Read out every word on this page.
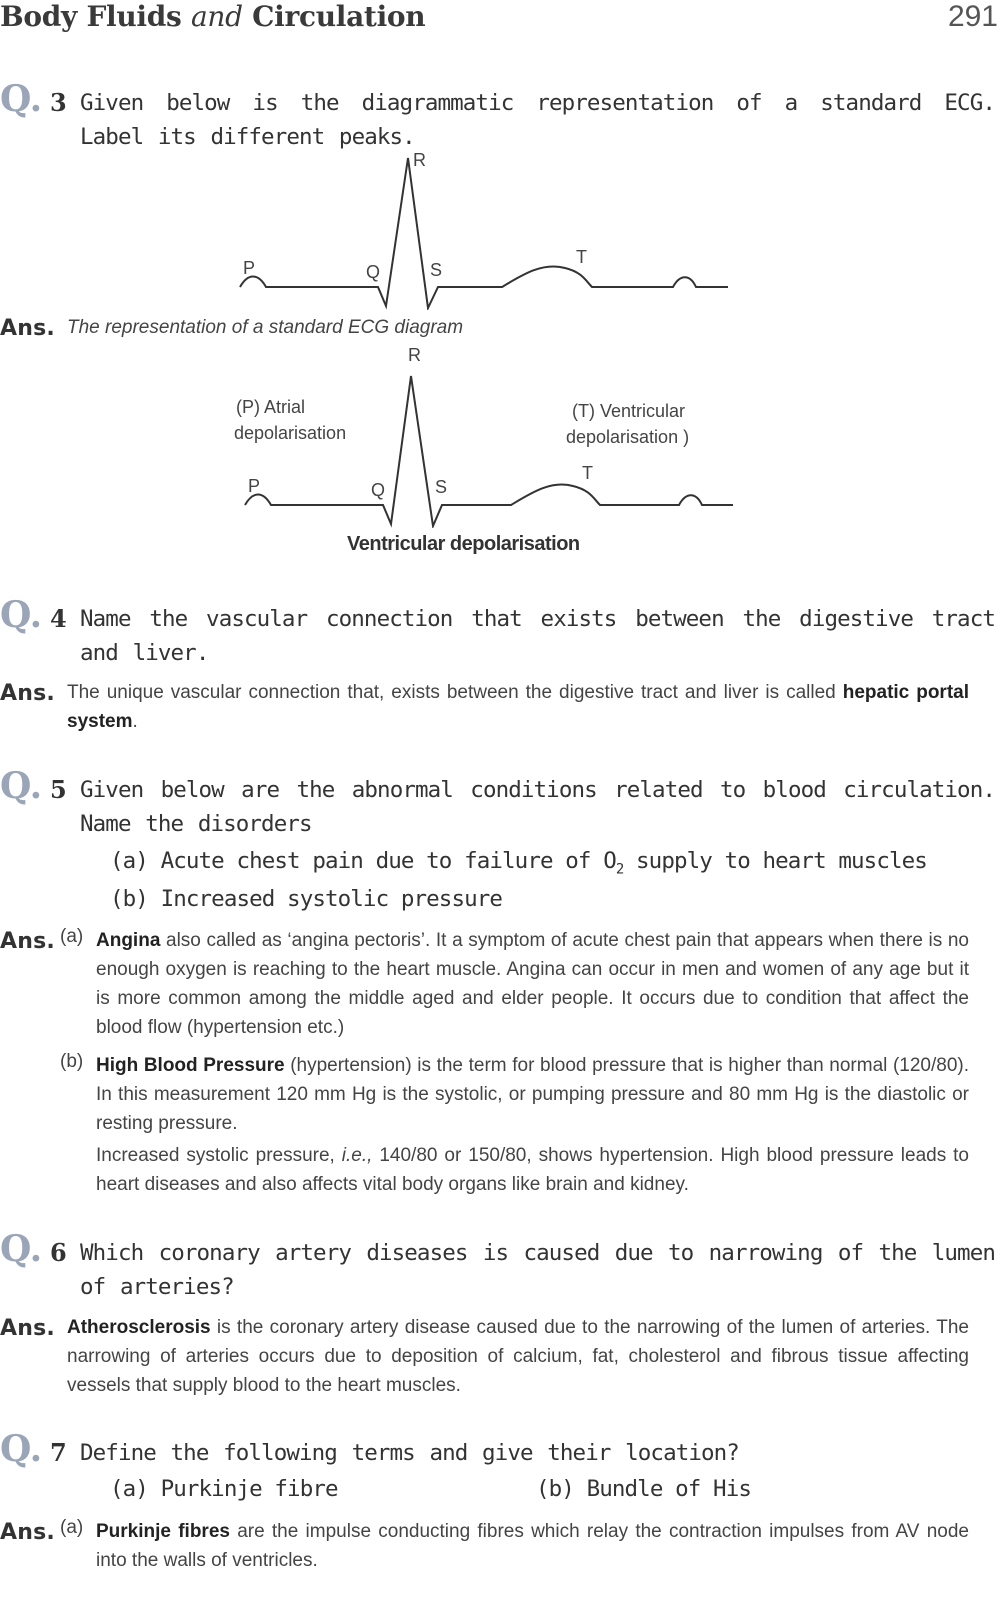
Body Fluids and Circulation	291
Q. 3 Given below is the diagrammatic representation of a standard ECG. Label its different peaks.
R
P	Q	S
T
Ans. The representation of a standard ECG diagram
R
(P) Atrial
depolarisation
(T) Ventricular
depolarisation )
P	Q	S
T
Ventricular depolarisation
Q. 4 Name the vascular connection that exists between the digestive tract and liver.
Ans. The unique vascular connection that, exists between the digestive tract and liver is called hepatic portal system.
Q. 5 Given below are the abnormal conditions related to blood circulation. Name the disorders
(a) Acute chest pain due to failure of $O_2$ supply to heart muscles
(b) Increased systolic pressure
Ans. (a) Angina also called as ‘angina pectoris’. It a symptom of acute chest pain that appears when there is no enough oxygen is reaching to the heart muscle. Angina can occur in men and women of any age but it is more common among the middle aged and elder people. It occurs due to condition that affect the blood flow (hypertension etc.)
(b) High Blood Pressure (hypertension) is the term for blood pressure that is higher than normal (120/80). In this measurement 120 mm Hg is the systolic, or pumping pressure and 80 mm Hg is the diastolic or resting pressure.
Increased systolic pressure, i.e., 140/80 or 150/80, shows hypertension. High blood pressure leads to heart diseases and also affects vital body organs like brain and kidney.
Q. 6 Which coronary artery diseases is caused due to narrowing of the lumen of arteries?
Ans. Atherosclerosis is the coronary artery disease caused due to the narrowing of the lumen of arteries. The narrowing of arteries occurs due to deposition of calcium, fat, cholesterol and fibrous tissue affecting vessels that supply blood to the heart muscles.
Q. 7 Define the following terms and give their location?
(a) Purkinje fibre	(b) Bundle of His
Ans. (a) Purkinje fibres are the impulse conducting fibres which relay the contraction impulses from AV node into the walls of ventricles.
